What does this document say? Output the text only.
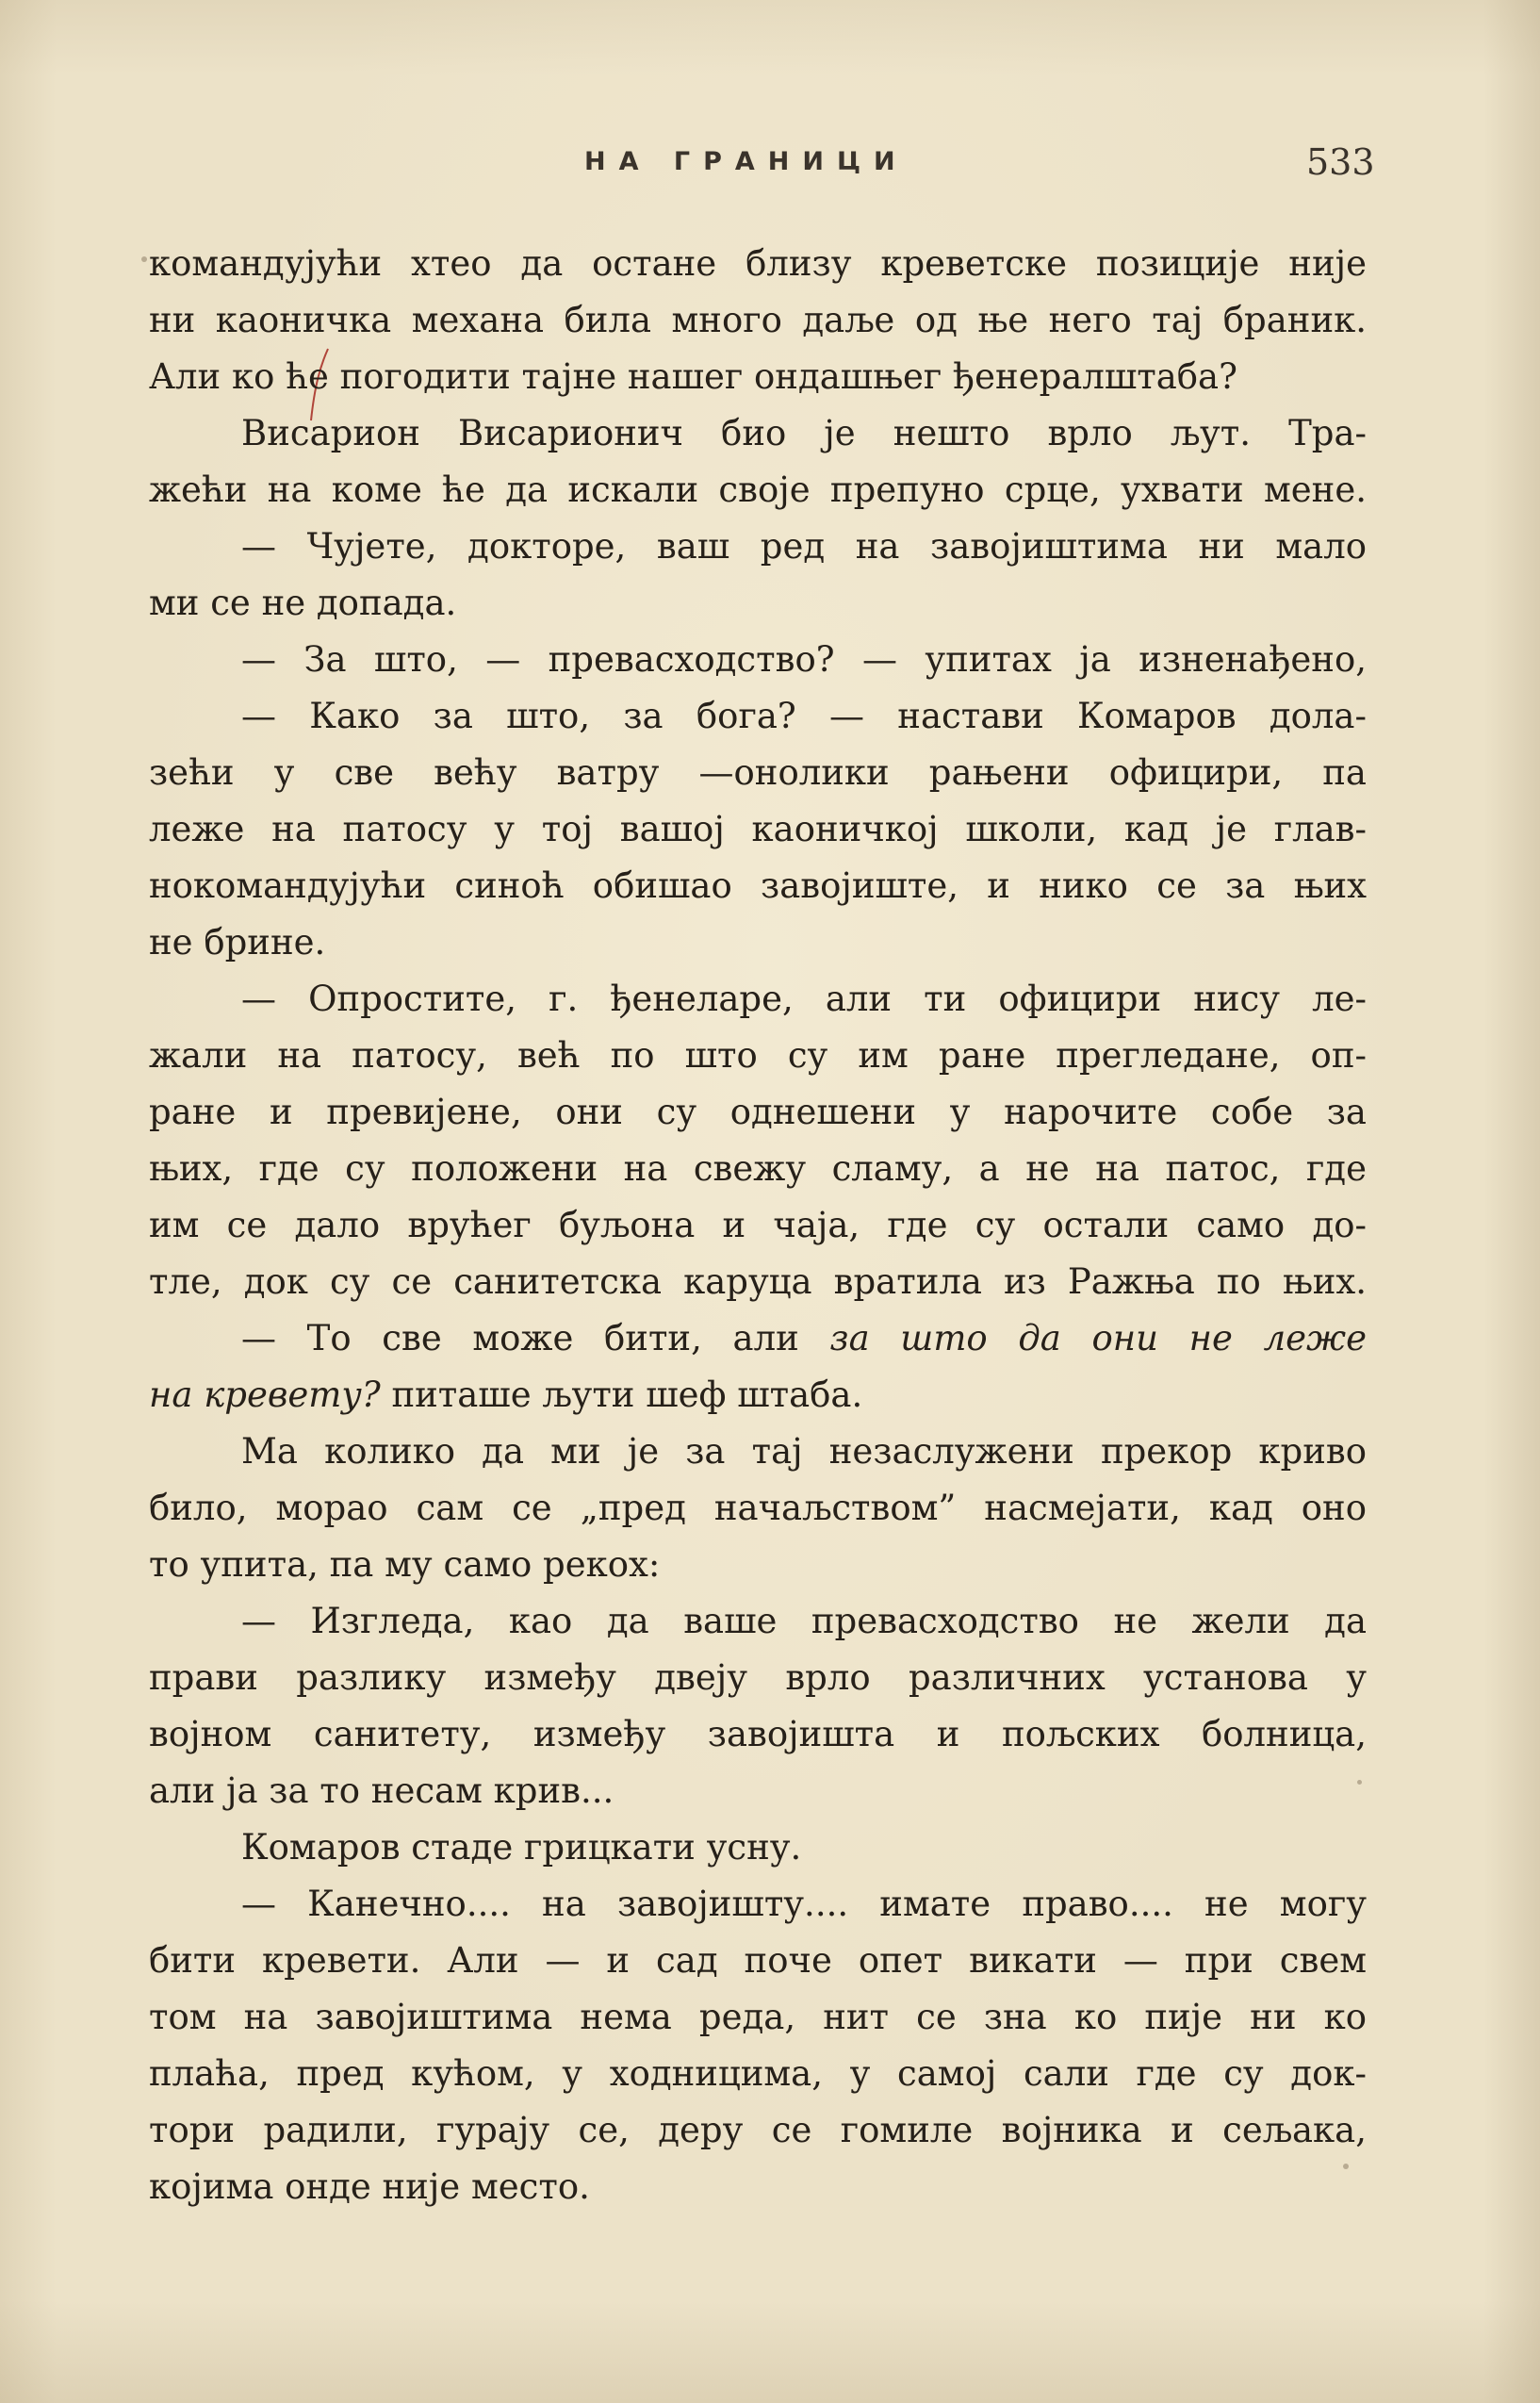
НА ГРАНИЦИ	533
командујући хтео да остане близу креветске позиције није
ни каоничка механа била много даље од ње него тај браник.
Али ко ће погодити тајне нашег ондашњег ђенералштаба?
Висарион Висарионич био је нешто врло љут. Тра-
жећи на коме ће да искали своје препуно срце, ухвати мене.
— Чујете, докторе, ваш ред на завојиштима ни мало
ми се не допада.
— За што, — превасходство? — упитах ја изненађено,
— Како за што, за бога? — настави Комаров дола-
зећи у све већу ватру —онолики рањени официри, па
леже на патосу у тој вашој каоничкој школи, кад је глав-
нокомандујући синоћ обишао завојиште, и нико се за њих
не брине.
— Опростите, г. ђенеларе, али ти официри нису ле-
жали на патосу, већ по што су им ране прегледане, оп-
ране и превијене, они су однешени у нарочите собе за
њих, где су положени на свежу сламу, а не на патос, где
им се дало врућег буљона и чаја, где су остали само до-
тле, док су се санитетска каруца вратила из Ражња по њих.
— То све може бити, али за што да они не леже
на кревету? питаше љути шеф штаба.
Ма колико да ми је за тај незаслужени прекор криво
било, морао сам се „пред начаљством” насмејати, кад оно
то упита, па му само рекох:
— Изгледа, као да ваше превасходство не жели да
прави разлику између двеју врло различних установа у
војном санитету, између завојишта и пољских болница,
али ја за то несам крив...
Комаров стаде грицкати усну.
— Канечно.... на завојишту.... имате право.... не могу
бити кревети. Али — и сад поче опет викати — при свем
том на завојиштима нема реда, нит се зна ко пије ни ко
плаћа, пред кућом, у ходницима, у самој сали где су док-
тори радили, гурају се, деру се гомиле војника и сељака,
којима онде није место.
